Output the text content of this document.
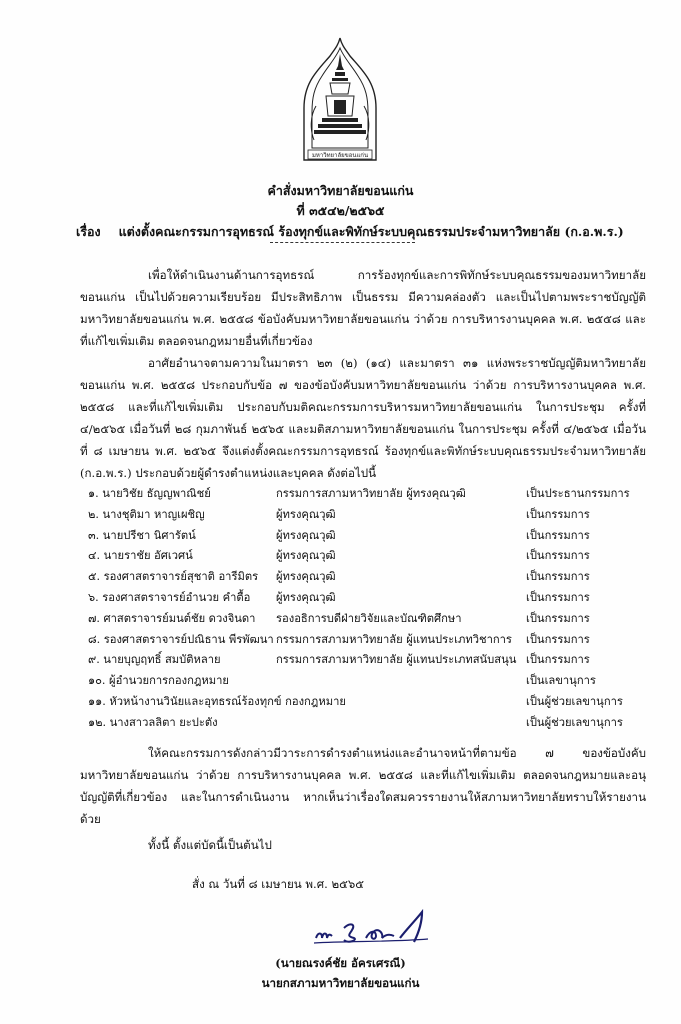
มหาวิทยาลัยขอนแก่น
คำสั่งมหาวิทยาลัยขอนแก่น
ที่ ๓๕๔๒/๒๕๖๕
เรื่อง แต่งตั้งคณะกรรมการอุทธรณ์ ร้องทุกข์และพิทักษ์ระบบคุณธรรมประจำมหาวิทยาลัย (ก.อ.พ.ร.)
เพื่อให้ดำเนินงานด้านการอุทธรณ์ การร้องทุกข์และการพิทักษ์ระบบคุณธรรมของมหาวิทยาลัยขอนแก่น เป็นไปด้วยความเรียบร้อย มีประสิทธิภาพ เป็นธรรม มีความคล่องตัว และเป็นไปตามพระราชบัญญัติมหาวิทยาลัยขอนแก่น พ.ศ. ๒๕๕๘ ข้อบังคับมหาวิทยาลัยขอนแก่น ว่าด้วย การบริหารงานบุคคล พ.ศ. ๒๕๕๘ และที่แก้ไขเพิ่มเติม ตลอดจนกฎหมายอื่นที่เกี่ยวข้อง
อาศัยอำนาจตามความในมาตรา ๒๓ (๒) (๑๔) และมาตรา ๓๑ แห่งพระราชบัญญัติมหาวิทยาลัยขอนแก่น พ.ศ. ๒๕๕๘ ประกอบกับข้อ ๗ ของข้อบังคับมหาวิทยาลัยขอนแก่น ว่าด้วย การบริหารงานบุคคล พ.ศ. ๒๕๕๘ และที่แก้ไขเพิ่มเติม ประกอบกับมติคณะกรรมการบริหารมหาวิทยาลัยขอนแก่น ในการประชุม ครั้งที่ ๔/๒๕๖๕ เมื่อวันที่ ๒๘ กุมภาพันธ์ ๒๕๖๕ และมติสภามหาวิทยาลัยขอนแก่น ในการประชุม ครั้งที่ ๔/๒๕๖๕ เมื่อวันที่ ๘ เมษายน พ.ศ. ๒๕๖๕ จึงแต่งตั้งคณะกรรมการอุทธรณ์ ร้องทุกข์และพิทักษ์ระบบคุณธรรมประจำมหาวิทยาลัย (ก.อ.พ.ร.) ประกอบด้วยผู้ดำรงตำแหน่งและบุคคล ดังต่อไปนี้
๑. นายวิชัย ธัญญพาณิชย์	กรรมการสภามหาวิทยาลัย ผู้ทรงคุณวุฒิ	เป็นประธานกรรมการ
๒. นางชุติมา หาญเผชิญ	ผู้ทรงคุณวุฒิ	เป็นกรรมการ
๓. นายปรีชา นิศารัตน์	ผู้ทรงคุณวุฒิ	เป็นกรรมการ
๔. นายราชัย อัศเวศน์	ผู้ทรงคุณวุฒิ	เป็นกรรมการ
๕. รองศาสตราจารย์สุชาติ อารีมิตร ผู้ทรงคุณวุฒิ	เป็นกรรมการ
๖. รองศาสตราจารย์อำนวย คำตื้อ ผู้ทรงคุณวุฒิ	เป็นกรรมการ
๗. ศาสตราจารย์มนต์ชัย ดวงจินดา รองอธิการบดีฝ่ายวิจัยและบัณฑิตศึกษา	เป็นกรรมการ
๘. รองศาสตราจารย์ปณิธาน พีรพัฒนา กรรมการสภามหาวิทยาลัย ผู้แทนประเภทวิชาการ เป็นกรรมการ
๙. นายบุญฤทธิ์ สมบัติหลาย	กรรมการสภามหาวิทยาลัย ผู้แทนประเภทสนับสนุน เป็นกรรมการ
๑๐. ผู้อำนวยการกองกฎหมาย	เป็นเลขานุการ
๑๑. หัวหน้างานวินัยและอุทธรณ์ร้องทุกข์ กองกฎหมาย	เป็นผู้ช่วยเลขานุการ
๑๒. นางสาวลลิตา ยะปะตัง	เป็นผู้ช่วยเลขานุการ
ให้คณะกรรมการดังกล่าวมีวาระการดำรงตำแหน่งและอำนาจหน้าที่ตามข้อ ๗ ของข้อบังคับมหาวิทยาลัยขอนแก่น ว่าด้วย การบริหารงานบุคคล พ.ศ. ๒๕๕๘ และที่แก้ไขเพิ่มเติม ตลอดจนกฎหมายและอนุบัญญัติที่เกี่ยวข้อง และในการดำเนินงาน หากเห็นว่าเรื่องใดสมควรรายงานให้สภามหาวิทยาลัยทราบให้รายงานด้วย
ทั้งนี้ ตั้งแต่บัดนี้เป็นต้นไป
สั่ง ณ วันที่ ๘ เมษายน พ.ศ. ๒๕๖๕
(นายณรงค์ชัย อัครเศรณี)
นายกสภามหาวิทยาลัยขอนแก่น
